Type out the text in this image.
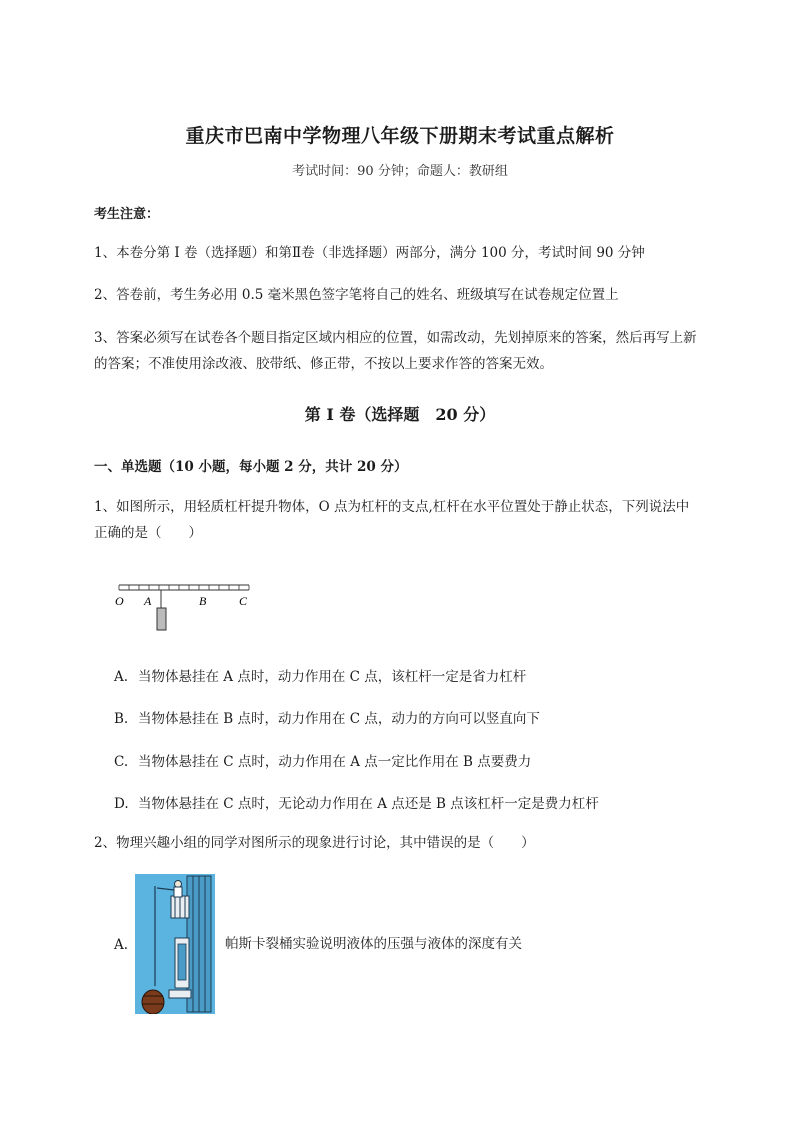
重庆市巴南中学物理八年级下册期末考试重点解析
考试时间：90 分钟；命题人：教研组
考生注意：
1、本卷分第 I 卷（选择题）和第Ⅱ卷（非选择题）两部分，满分 100 分，考试时间 90 分钟
2、答卷前，考生务必用 0.5 毫米黑色签字笔将自己的姓名、班级填写在试卷规定位置上
3、答案必须写在试卷各个题目指定区域内相应的位置，如需改动，先划掉原来的答案，然后再写上新
的答案；不准使用涂改液、胶带纸、修正带，不按以上要求作答的答案无效。
第 I 卷（选择题　20 分）
一、单选题（10 小题，每小题 2 分，共计 20 分）
1、如图所示，用轻质杠杆提升物体，O 点为杠杆的支点,杠杆在水平位置处于静止状态，下列说法中
正确的是（　　）
O A	B	C
A. 当物体悬挂在 A 点时，动力作用在 C 点，该杠杆一定是省力杠杆
B. 当物体悬挂在 B 点时，动力作用在 C 点，动力的方向可以竖直向下
C. 当物体悬挂在 C 点时，动力作用在 A 点一定比作用在 B 点要费力
D. 当物体悬挂在 C 点时，无论动力作用在 A 点还是 B 点该杠杆一定是费力杠杆
2、物理兴趣小组的同学对图所示的现象进行讨论，其中错误的是（　　）
A.	帕斯卡裂桶实验说明液体的压强与液体的深度有关
